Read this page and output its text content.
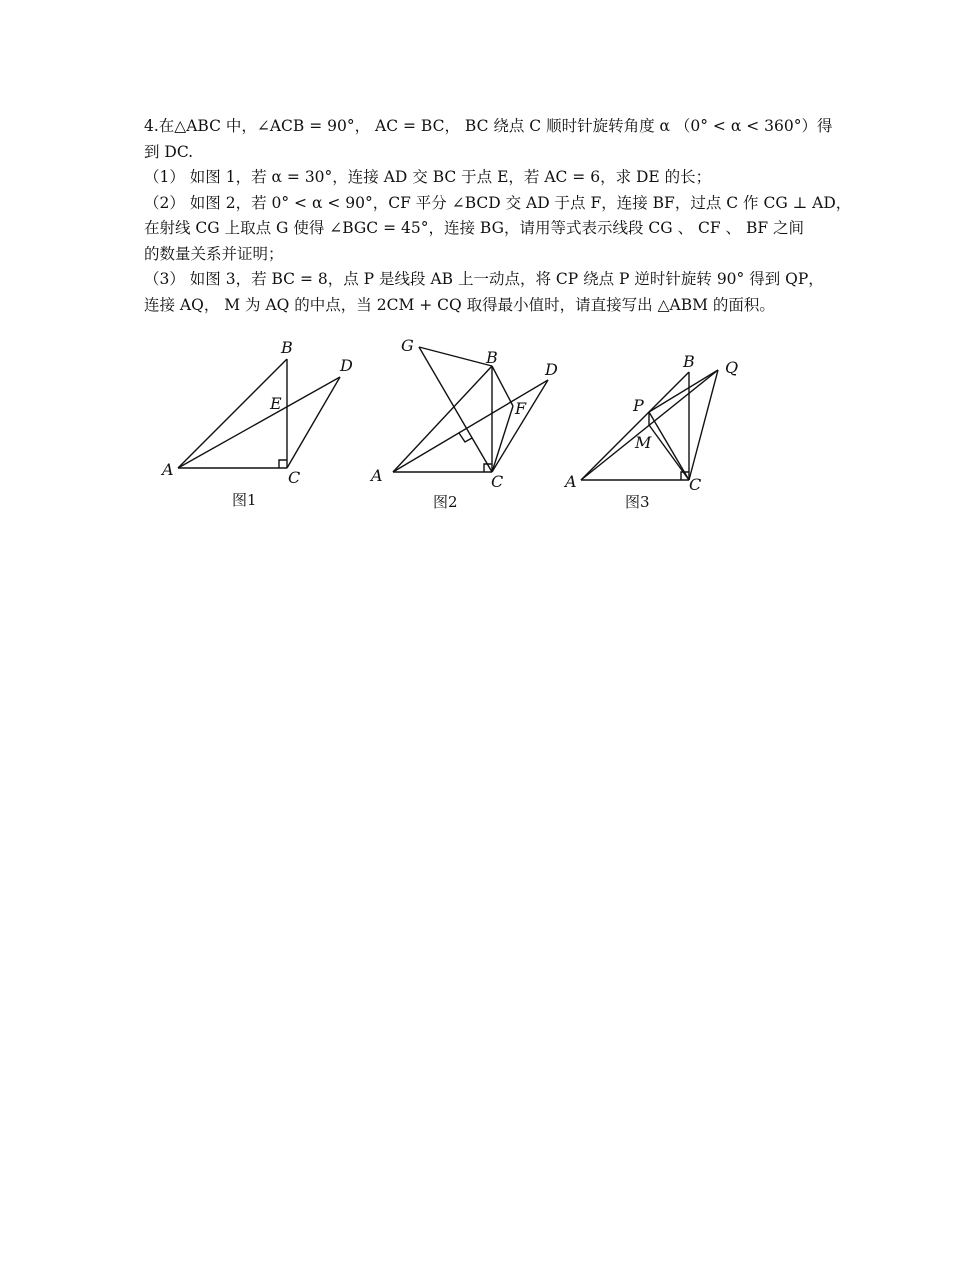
4.在△ABC 中，∠ACB = 90°， AC = BC， BC 绕点 C 顺时针旋转角度 α （0° < α < 360°）得

到 DC.

（1） 如图 1，若 α = 30°，连接 AD 交 BC 于点 E，若 AC = 6，求 DE 的长；

（2） 如图 2，若 0° < α < 90°，CF 平分 ∠BCD 交 AD 于点 F，连接 BF，过点 C 作 CG ⊥ AD，

在射线 CG 上取点 G 使得 ∠BGC = 45°，连接 BG，请用等式表示线段 CG 、 CF 、 BF 之间

的数量关系并证明；

（3） 如图 3，若 BC = 8，点 P 是线段 AB 上一动点，将 CP 绕点 P 逆时针旋转 90° 得到 QP，

连接 AQ， M 为 AQ 的中点，当 2CM + CQ 取得最小值时，请直接写出 △ABM 的面积。

A
B
C
D
E
图1
G
B
D
F
A	C
图2
B Q
P
M
A	C
图3
